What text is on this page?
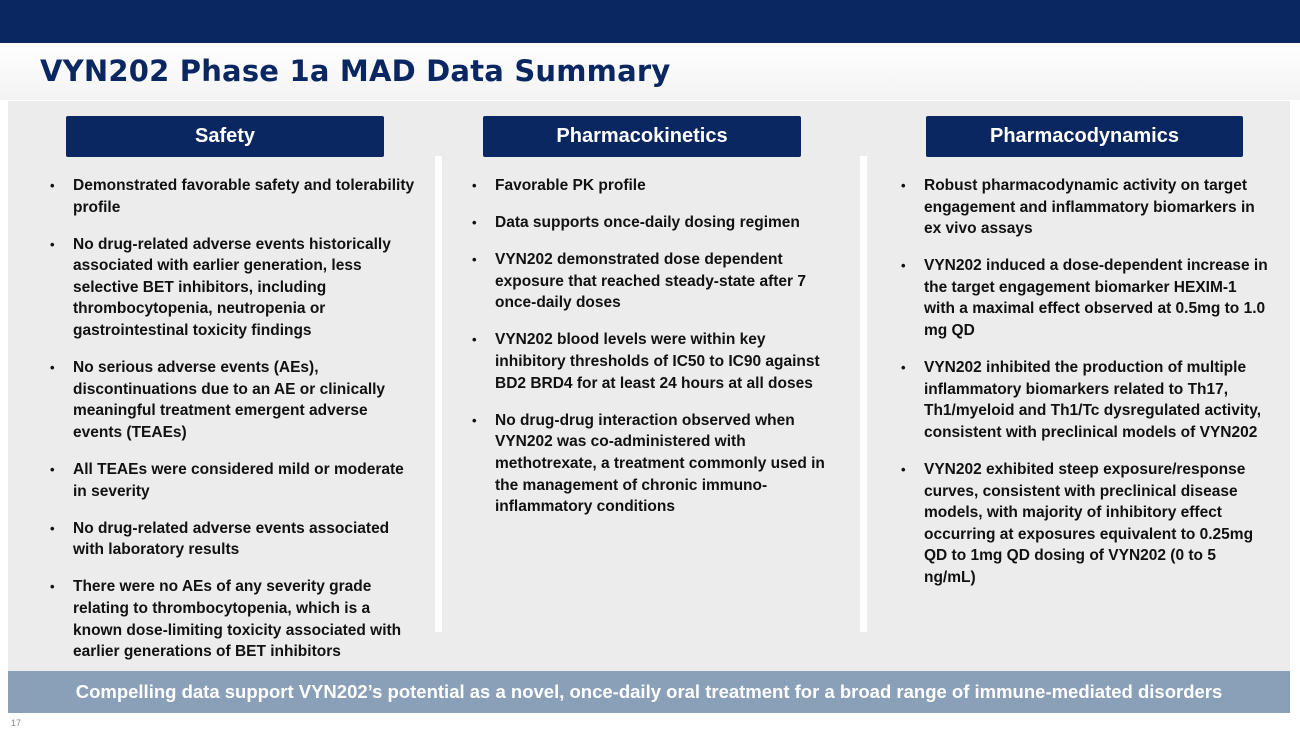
VYN202 Phase 1a MAD Data Summary
Safety	Pharmacokinetics	Pharmacodynamics
• Demonstrated favorable safety and tolerability profile
• No drug-related adverse events historically associated with earlier generation, less selective BET inhibitors, including thrombocytopenia, neutropenia or gastrointestinal toxicity findings
• No serious adverse events (AEs), discontinuations due to an AE or clinically meaningful treatment emergent adverse events (TEAEs)
• All TEAEs were considered mild or moderate in severity
• No drug-related adverse events associated with laboratory results
• There were no AEs of any severity grade relating to thrombocytopenia, which is a known dose-limiting toxicity associated with earlier generations of BET inhibitors
• Favorable PK profile
• Data supports once-daily dosing regimen
• VYN202 demonstrated dose dependent exposure that reached steady-state after 7 once-daily doses
• VYN202 blood levels were within key inhibitory thresholds of IC50 to IC90 against BD2 BRD4 for at least 24 hours at all doses
• No drug-drug interaction observed when VYN202 was co-administered with methotrexate, a treatment commonly used in the management of chronic immuno-inflammatory conditions
• Robust pharmacodynamic activity on target engagement and inflammatory biomarkers in ex vivo assays
• VYN202 induced a dose-dependent increase in the target engagement biomarker HEXIM-1 with a maximal effect observed at 0.5mg to 1.0 mg QD
• VYN202 inhibited the production of multiple inflammatory biomarkers related to Th17, Th1/myeloid and Th1/Tc dysregulated activity, consistent with preclinical models of VYN202
• VYN202 exhibited steep exposure/response curves, consistent with preclinical disease models, with majority of inhibitory effect occurring at exposures equivalent to 0.25mg QD to 1mg QD dosing of VYN202 (0 to 5 ng/mL)
Compelling data support VYN202’s potential as a novel, once-daily oral treatment for a broad range of immune-mediated disorders
17
